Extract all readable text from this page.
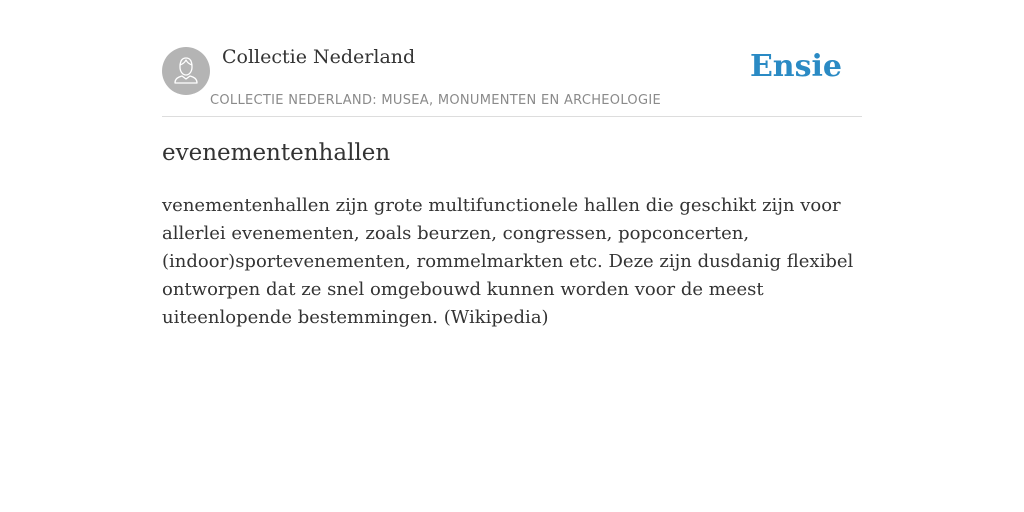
Collectie Nederland
COLLECTIE NEDERLAND: MUSEA, MONUMENTEN EN ARCHEOLOGIE
Ensie
evenementenhallen

venementenhallen zijn grote multifunctionele hallen die geschikt zijn voor allerlei evenementen, zoals beurzen, congressen, popconcerten, (indoor)sportevenementen, rommelmarkten etc. Deze zijn dusdanig flexibel ontworpen dat ze snel omgebouwd kunnen worden voor de meest uiteenlopende bestemmingen. (Wikipedia)
